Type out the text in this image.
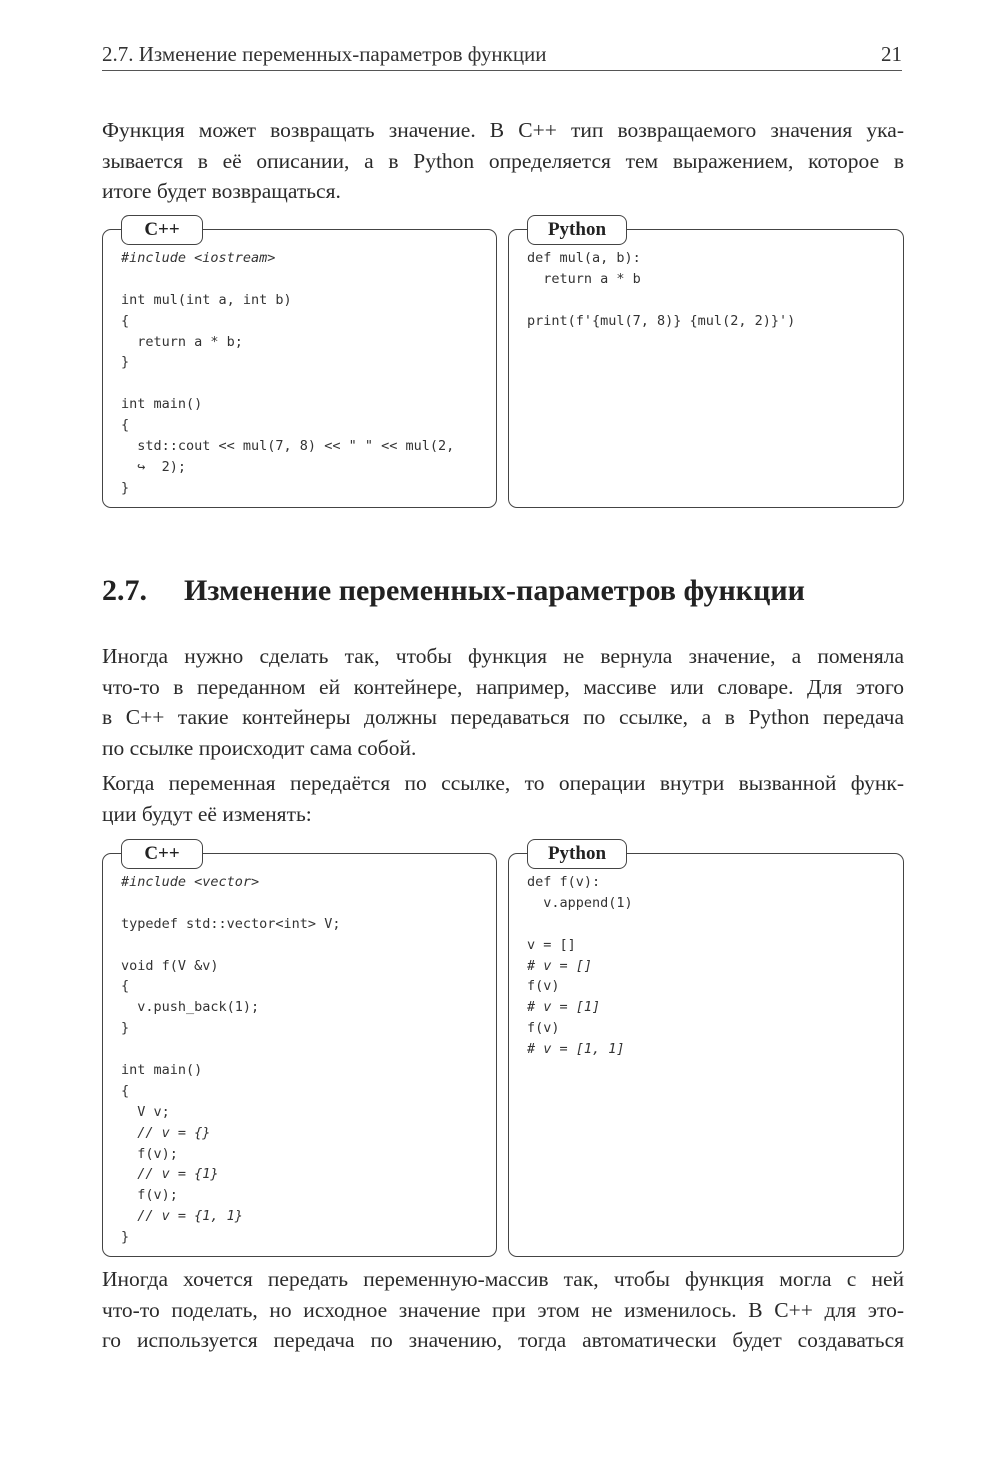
2.7. Изменение переменных-параметров функции	21

Функция может возвращать значение. В C++ тип возвращаемого значения ука-
зывается в её описании, а в Python определяется тем выражением, которое в
итоге будет возвращаться.

C++
#include <iostream>
int mul(int a, int b)
{
return a * b;
}
int main()
{
std::cout << mul(7, 8) << " " << mul(2,
↪  2);
}
Python
def mul(a, b):
return a * b
print(f'{mul(7, 8)} {mul(2, 2)}')
2.7. Изменение переменных-параметров функции

Иногда нужно сделать так, чтобы функция не вернула значение, а поменяла
что-то в переданном ей контейнере, например, массиве или словаре. Для этого
в C++ такие контейнеры должны передаваться по ссылке, а в Python передача
по ссылке происходит сама собой.

Когда переменная передаётся по ссылке, то операции внутри вызванной функ-
ции будут её изменять:

C++
#include <vector>
typedef std::vector<int> V;
void f(V &v)
{
v.push_back(1);
}
int main()
{
V v;
// v = {}
f(v);
// v = {1}
f(v);
// v = {1, 1}
}
Python
def f(v):
v.append(1)
v = []
# v = []
f(v)
# v = [1]
f(v)
# v = [1, 1]

Иногда хочется передать переменную-массив так, чтобы функция могла с ней
что-то поделать, но исходное значение при этом не изменилось. В C++ для это-
го используется передача по значению, тогда автоматически будет создаваться
